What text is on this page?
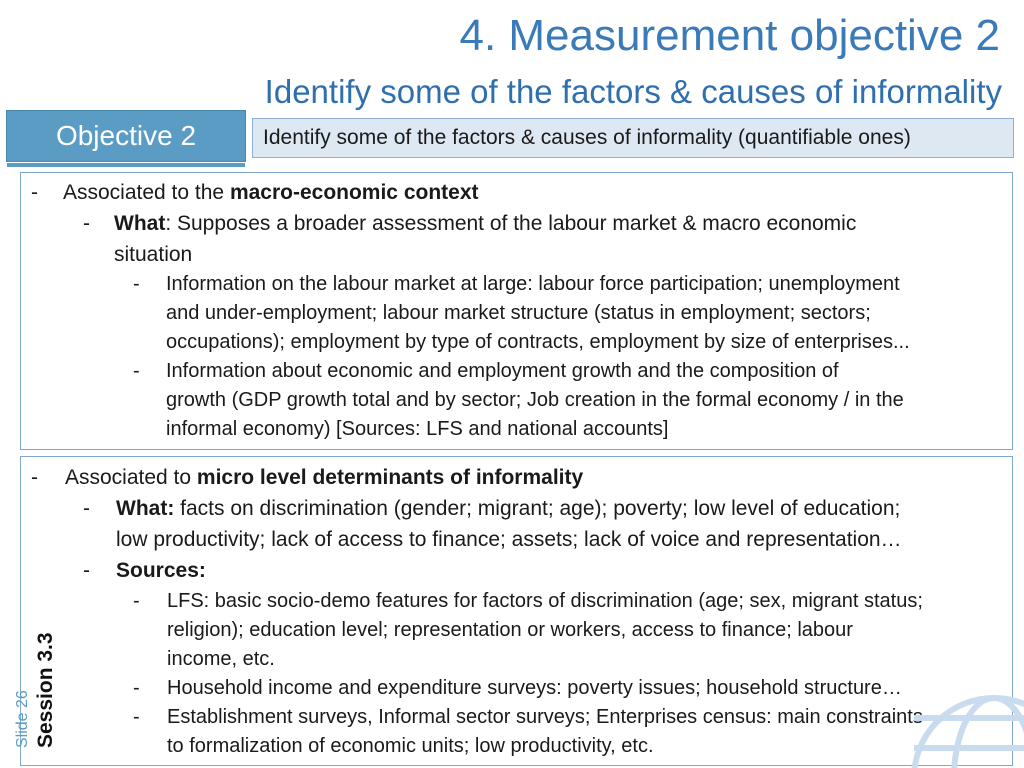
4. Measurement objective 2
Identify some of the factors & causes of informality
Objective 2	Identify some of the factors & causes of informality (quantifiable ones)
- Associated to the macro-economic context
- What: Supposes a broader assessment of the labour market & macro economic
situation
- Information on the labour market at large: labour force participation; unemployment
and under-employment; labour market structure (status in employment; sectors;
occupations); employment by type of contracts, employment by size of enterprises...
- Information about economic and employment growth and the composition of
growth (GDP growth total and by sector; Job creation in the formal economy / in the
informal economy) [Sources: LFS and national accounts]
- Associated to micro level determinants of informality
- What: facts on discrimination (gender; migrant; age); poverty; low level of education;
low productivity; lack of access to finance; assets; lack of voice and representation…
- Sources:
- LFS: basic socio-demo features for factors of discrimination (age; sex, migrant status;
religion); education level; representation or workers, access to finance; labour
income, etc.
- Household income and expenditure surveys: poverty issues; household structure…
- Establishment surveys, Informal sector surveys; Enterprises census: main constraints
to formalization of economic units; low productivity, etc.
Session 3.3
Slide 26
